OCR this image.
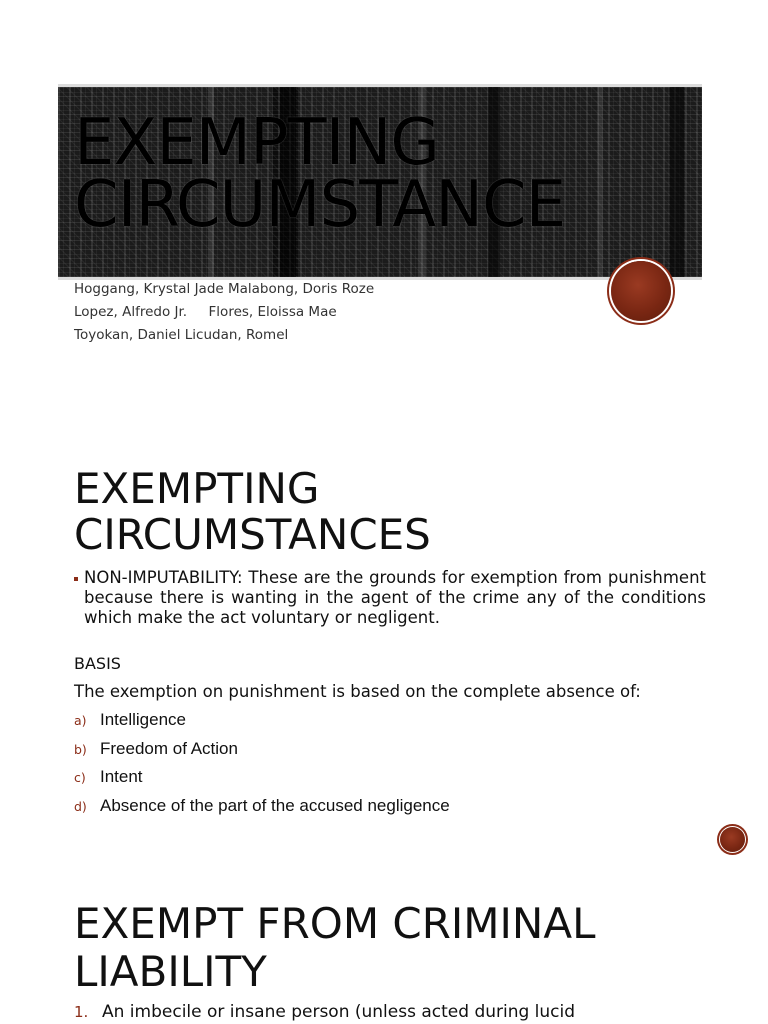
EXEMPTING
CIRCUMSTANCE
Hoggang, Krystal Jade Malabong, Doris Roze
Lopez, Alfredo Jr.     Flores, Eloissa Mae
Toyokan, Daniel Licudan, Romel
EXEMPTING
CIRCUMSTANCES
NON-IMPUTABILITY: These are the grounds for exemption from punishment because there is wanting in the agent of the crime any of the conditions which make the act voluntary or negligent.
BASIS
The exemption on punishment is based on the complete absence of:
a) Intelligence
b) Freedom of Action
c) Intent
d) Absence of the part of the accused negligence
EXEMPT FROM CRIMINAL
LIABILITY
1. An imbecile or insane person (unless acted during lucid
